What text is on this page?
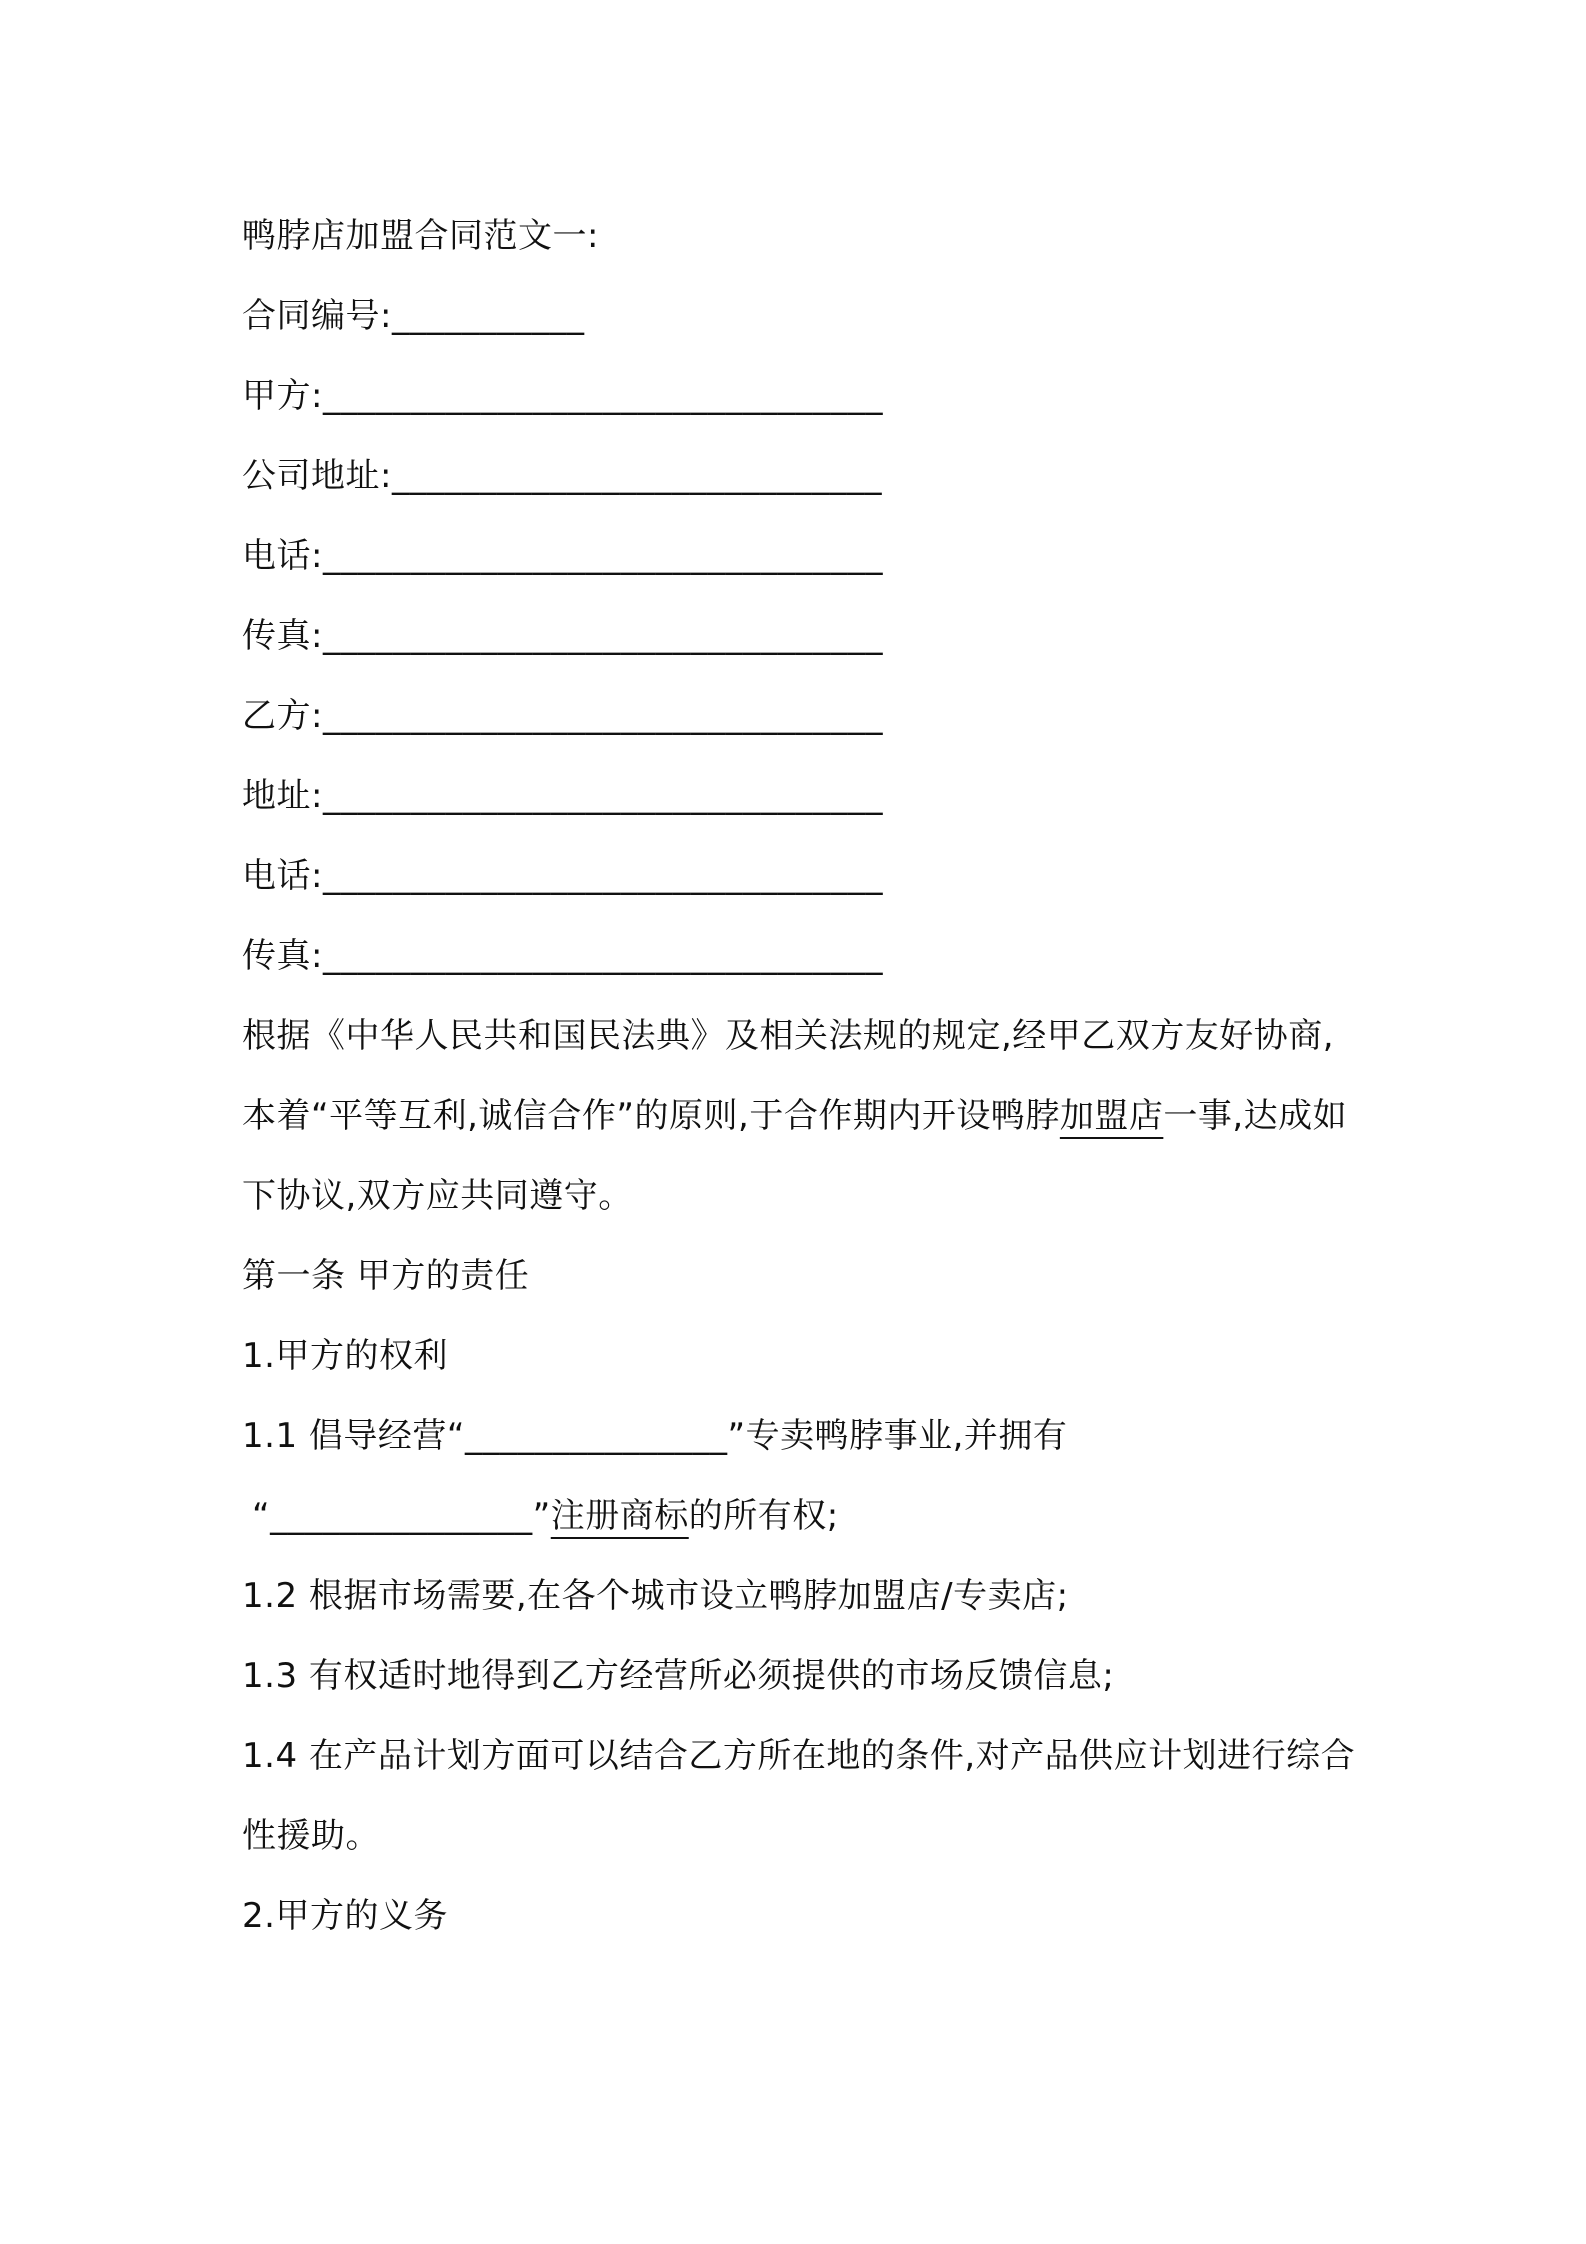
鸭脖店加盟合同范文一:
合同编号:___________
甲方:________________________________
公司地址:____________________________
电话:________________________________
传真:________________________________
乙方:________________________________
地址:________________________________
电话:________________________________
传真:________________________________
根据《中华人民共和国民法典》及相关法规的规定,经甲乙双方友好协商,本着“平等互利,诚信合作”的原则,于合作期内开设鸭脖加盟店一事,达成如下协议,双方应共同遵守。
第一条 甲方的责任
1.甲方的权利
1.1 倡导经营“_______________”专卖鸭脖事业,并拥有
“_______________”注册商标的所有权;
1.2 根据市场需要,在各个城市设立鸭脖加盟店/专卖店;
1.3 有权适时地得到乙方经营所必须提供的市场反馈信息;
1.4 在产品计划方面可以结合乙方所在地的条件,对产品供应计划进行综合性援助。
2.甲方的义务
